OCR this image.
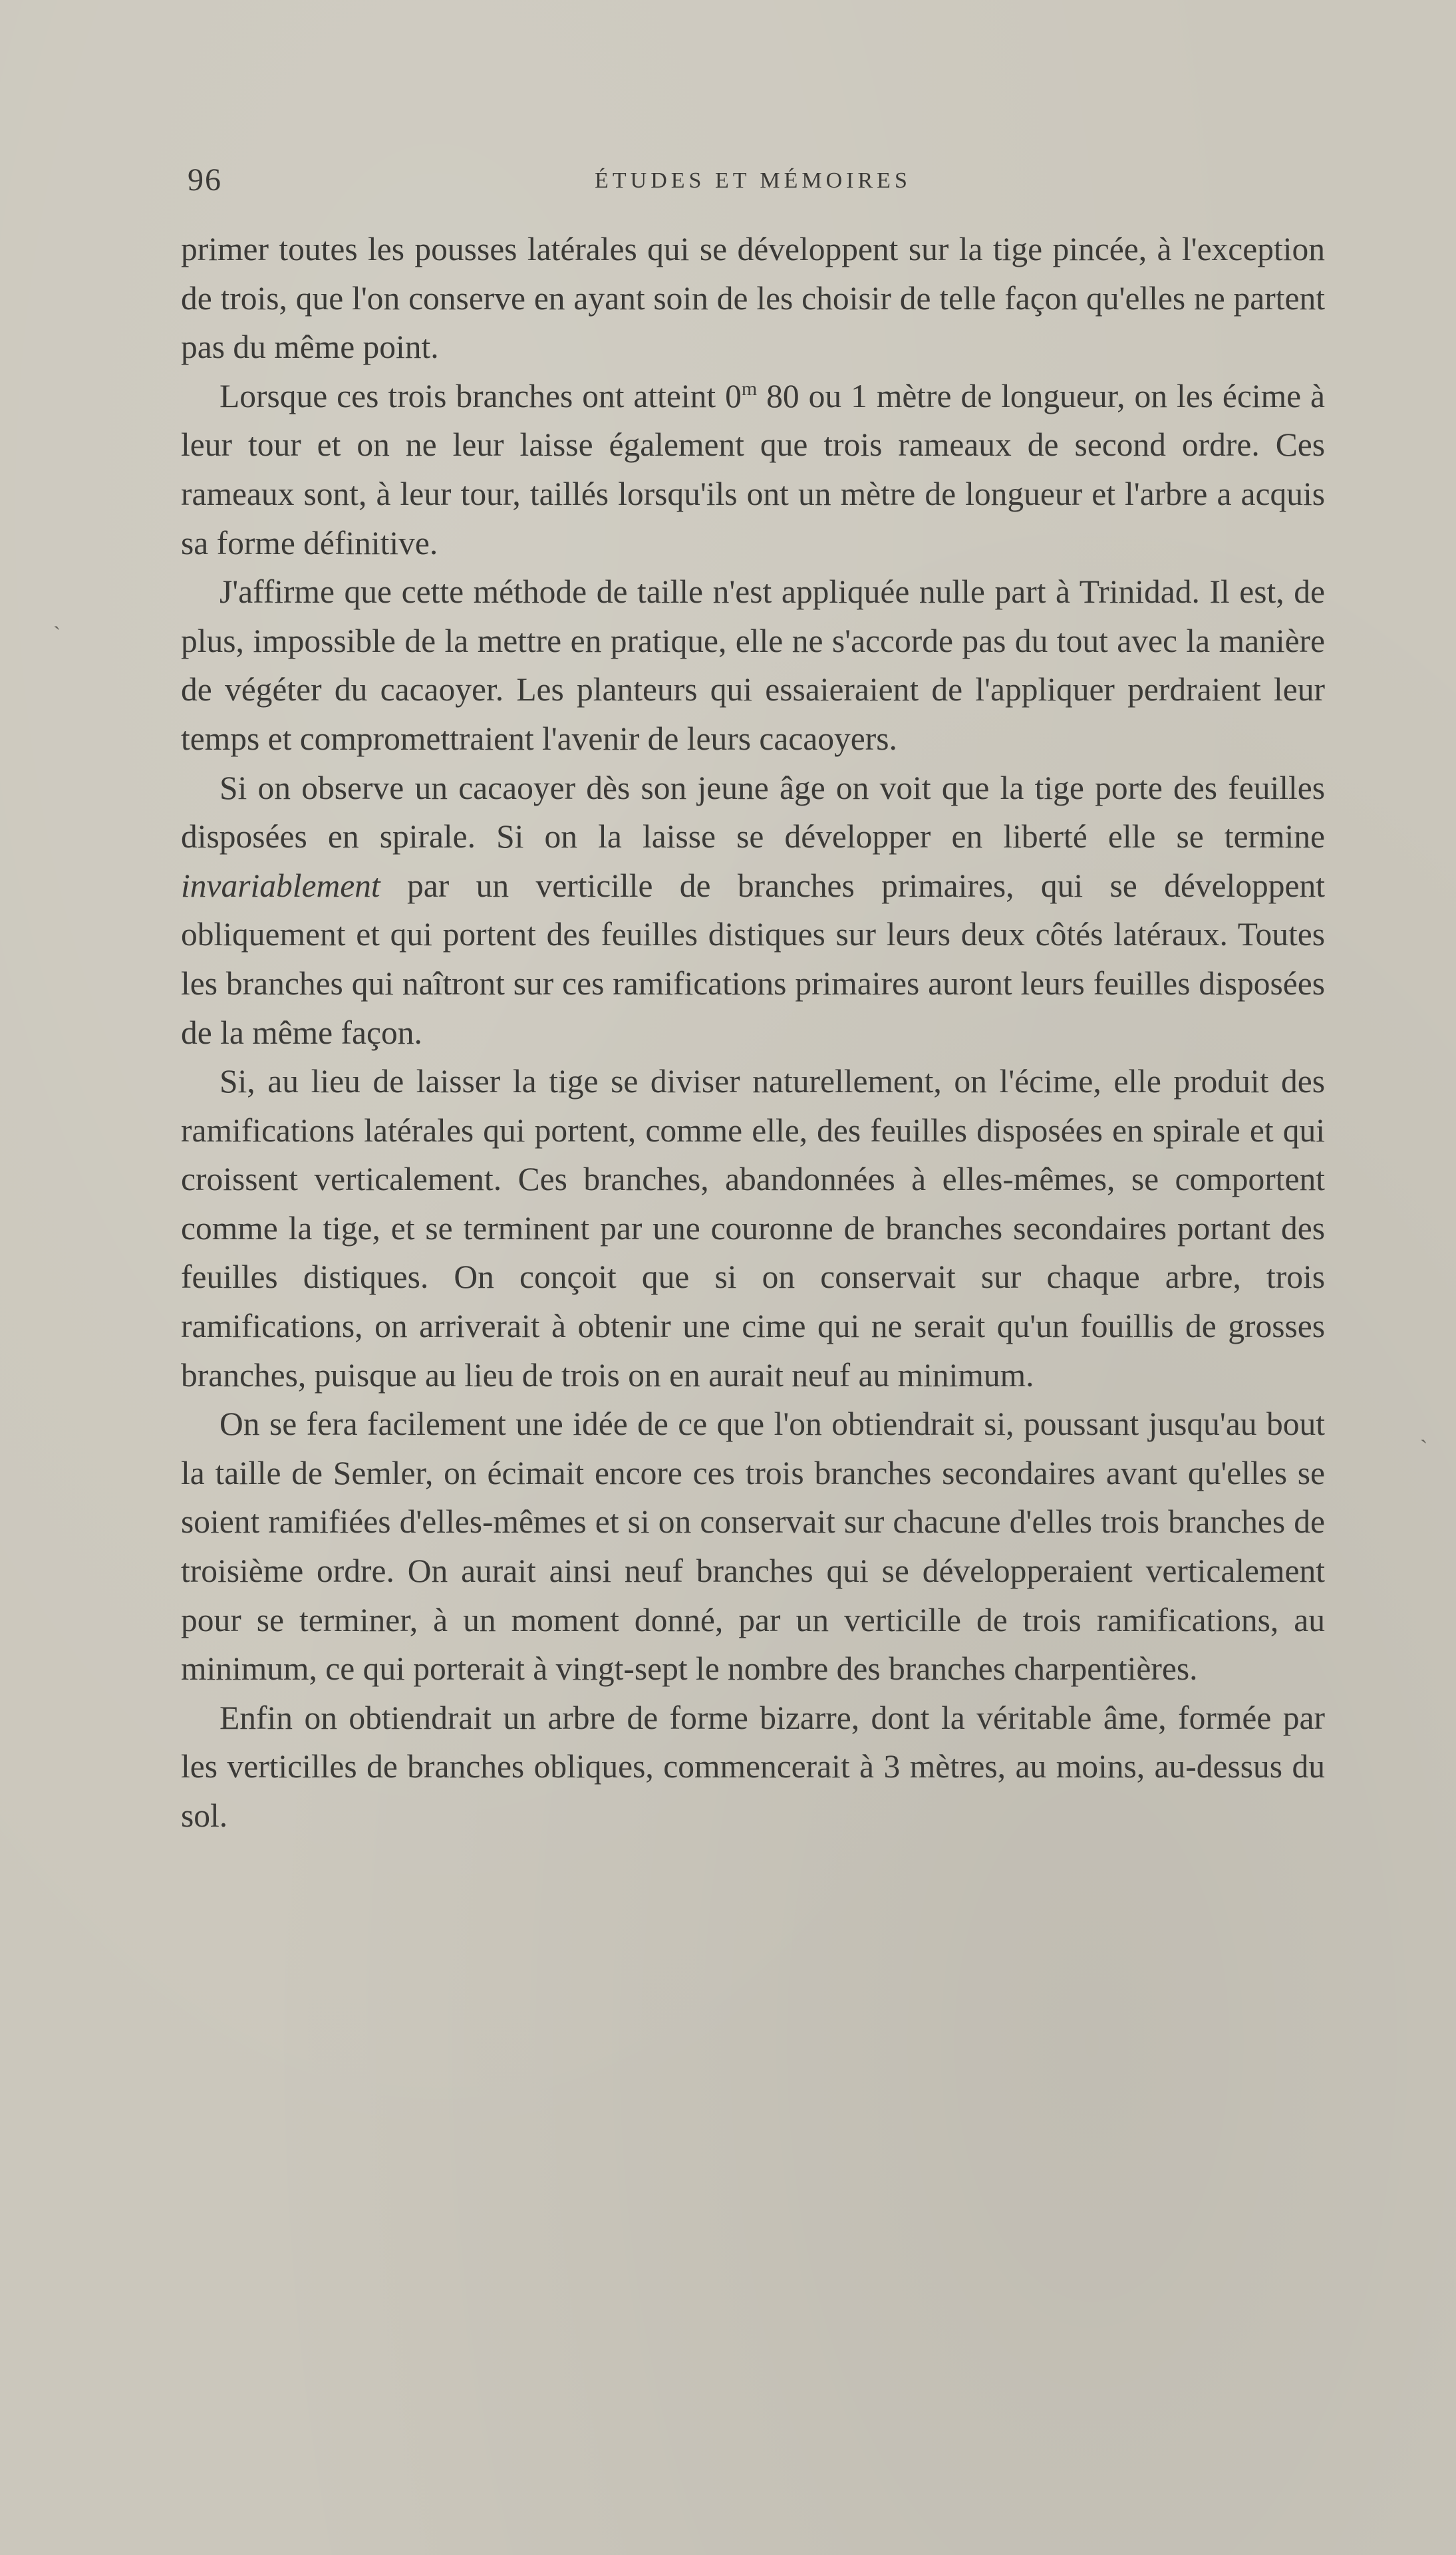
96	ÉTUDES ET MÉMOIRES

primer toutes les pousses latérales qui se développent sur la tige pincée, à l'exception de trois, que l'on conserve en ayant soin de les choisir de telle façon qu'elles ne partent pas du même point.

Lorsque ces trois branches ont atteint 0$^m$ 80 ou 1 mètre de longueur, on les écime à leur tour et on ne leur laisse également que trois rameaux de second ordre. Ces rameaux sont, à leur tour, taillés lorsqu'ils ont un mètre de longueur et l'arbre a acquis sa forme définitive.

J'affirme que cette méthode de taille n'est appliquée nulle part à Trinidad. Il est, de plus, impossible de la mettre en pratique, elle ne s'accorde pas du tout avec la manière de végéter du cacaoyer. Les planteurs qui essaieraient de l'appliquer perdraient leur temps et compromettraient l'avenir de leurs cacaoyers.

Si on observe un cacaoyer dès son jeune âge on voit que la tige porte des feuilles disposées en spirale. Si on la laisse se développer en liberté elle se termine invariablement par un verticille de branches primaires, qui se développent obliquement et qui portent des feuilles distiques sur leurs deux côtés latéraux. Toutes les branches qui naîtront sur ces ramifications primaires auront leurs feuilles disposées de la même façon.

Si, au lieu de laisser la tige se diviser naturellement, on l'écime, elle produit des ramifications latérales qui portent, comme elle, des feuilles disposées en spirale et qui croissent verticalement. Ces branches, abandonnées à elles-mêmes, se comportent comme la tige, et se terminent par une couronne de branches secondaires portant des feuilles distiques. On conçoit que si on conservait sur chaque arbre, trois ramifications, on arriverait à obtenir une cime qui ne serait qu'un fouillis de grosses branches, puisque au lieu de trois on en aurait neuf au minimum.

On se fera facilement une idée de ce que l'on obtiendrait si, poussant jusqu'au bout la taille de Semler, on écimait encore ces trois branches secondaires avant qu'elles se soient ramifiées d'elles-mêmes et si on conservait sur chacune d'elles trois branches de troisième ordre. On aurait ainsi neuf branches qui se développeraient verticalement pour se terminer, à un moment donné, par un verticille de trois ramifications, au minimum, ce qui porterait à vingt-sept le nombre des branches charpentières.

Enfin on obtiendrait un arbre de forme bizarre, dont la véritable âme, formée par les verticilles de branches obliques, commencerait à 3 mètres, au moins, au-dessus du sol.

ˎ
ˏ
